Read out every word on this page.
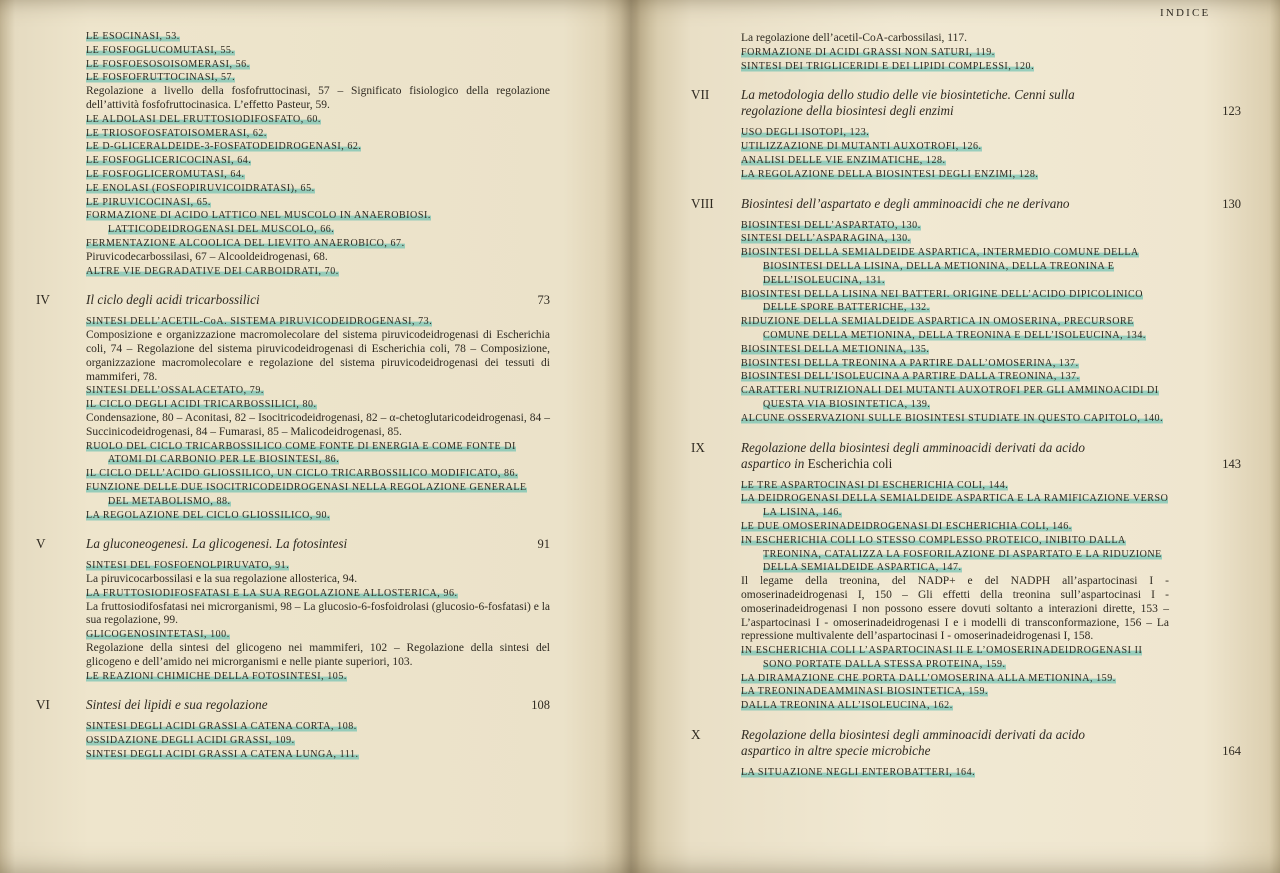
LE ESOCINASI, 53.
LE FOSFOGLUCOMUTASI, 55.
LE FOSFOESOSOISOMERASI, 56.
LE FOSFOFRUTTOCINASI, 57.
Regolazione a livello della fosfofruttocinasi, 57 – Significato fisiologico della regolazione dell’attività fosfofruttocinasica. L’effetto Pasteur, 59.
LE ALDOLASI DEL FRUTTOSIODIFOSFATO, 60.
LE TRIOSOFOSFATOISOMERASI, 62.
LE D-GLICERALDEIDE-3-FOSFATODEIDROGENASI, 62.
LE FOSFOGLICERICOCINASI, 64.
LE FOSFOGLICEROMUTASI, 64.
LE ENOLASI (FOSFOPIRUVICOIDRATASI), 65.
LE PIRUVICOCINASI, 65.
FORMAZIONE DI ACIDO LATTICO NEL MUSCOLO IN ANAEROBIOSI. LATTICODEIDROGENASI DEL MUSCOLO, 66.
FERMENTAZIONE ALCOOLICA DEL LIEVITO ANAEROBICO, 67.
Piruvicodecarbossilasi, 67 – Alcooldeidrogenasi, 68.
ALTRE VIE DEGRADATIVE DEI CARBOIDRATI, 70.
IV	Il ciclo degli acidi tricarbossilici	73
SINTESI DELL’ACETIL-CoA. SISTEMA PIRUVICODEIDROGENASI, 73.
Composizione e organizzazione macromolecolare del sistema piruvicodeidrogenasi di Escherichia coli, 74 – Regolazione del sistema piruvicodeidrogenasi di Escherichia coli, 78 – Composizione, organizzazione macromolecolare e regolazione del sistema piruvicodeidrogenasi dei tessuti di mammiferi, 78.
SINTESI DELL’OSSALACETATO, 79.
IL CICLO DEGLI ACIDI TRICARBOSSILICI, 80.
Condensazione, 80 – Aconitasi, 82 – Isocitricodeidrogenasi, 82 – α-chetoglutaricodeidrogenasi, 84 – Succinicodeidrogenasi, 84 – Fumarasi, 85 – Malicodeidrogenasi, 85.
RUOLO DEL CICLO TRICARBOSSILICO COME FONTE DI ENERGIA E COME FONTE DI ATOMI DI CARBONIO PER LE BIOSINTESI, 86.
IL CICLO DELL’ACIDO GLIOSSILICO, UN CICLO TRICARBOSSILICO MODIFICATO, 86.
FUNZIONE DELLE DUE ISOCITRICODEIDROGENASI NELLA REGOLAZIONE GENERALE DEL METABOLISMO, 88.
LA REGOLAZIONE DEL CICLO GLIOSSILICO, 90.
V	La gluconeogenesi. La glicogenesi. La fotosintesi	91
SINTESI DEL FOSFOENOLPIRUVATO, 91.
La piruvicocarbossilasi e la sua regolazione allosterica, 94.
LA FRUTTOSIODIFOSFATASI E LA SUA REGOLAZIONE ALLOSTERICA, 96.
La fruttosiodifosfatasi nei microrganismi, 98 – La glucosio-6-fosfoidrolasi (glucosio-6-fosfatasi) e la sua regolazione, 99.
GLICOGENOSINTETASI, 100.
Regolazione della sintesi del glicogeno nei mammiferi, 102 – Regolazione della sintesi del glicogeno e dell’amido nei microrganismi e nelle piante superiori, 103.
LE REAZIONI CHIMICHE DELLA FOTOSINTESI, 105.
VI	Sintesi dei lipidi e sua regolazione	108
SINTESI DEGLI ACIDI GRASSI A CATENA CORTA, 108.
OSSIDAZIONE DEGLI ACIDI GRASSI, 109.
SINTESI DEGLI ACIDI GRASSI A CATENA LUNGA, 111.
INDICE
La regolazione dell’acetil-CoA-carbossilasi, 117.
FORMAZIONE DI ACIDI GRASSI NON SATURI, 119.
SINTESI DEI TRIGLICERIDI E DEI LIPIDI COMPLESSI, 120.
VII La metodologia dello studio delle vie biosintetiche. Cenni sulla regolazione della biosintesi degli enzimi	123
USO DEGLI ISOTOPI, 123.
UTILIZZAZIONE DI MUTANTI AUXOTROFI, 126.
ANALISI DELLE VIE ENZIMATICHE, 128.
LA REGOLAZIONE DELLA BIOSINTESI DEGLI ENZIMI, 128.
VIII Biosintesi dell’aspartato e degli amminoacidi che ne derivano	130
BIOSINTESI DELL’ASPARTATO, 130.
SINTESI DELL’ASPARAGINA, 130.
BIOSINTESI DELLA SEMIALDEIDE ASPARTICA, INTERMEDIO COMUNE DELLA BIOSINTESI DELLA LISINA, DELLA METIONINA, DELLA TREONINA E DELL’ISOLEUCINA, 131.
BIOSINTESI DELLA LISINA NEI BATTERI. ORIGINE DELL’ACIDO DIPICOLINICO DELLE SPORE BATTERICHE, 132.
RIDUZIONE DELLA SEMIALDEIDE ASPARTICA IN OMOSERINA, PRECURSORE COMUNE DELLA METIONINA, DELLA TREONINA E DELL’ISOLEUCINA, 134.
BIOSINTESI DELLA METIONINA, 135.
BIOSINTESI DELLA TREONINA A PARTIRE DALL’OMOSERINA, 137.
BIOSINTESI DELL’ISOLEUCINA A PARTIRE DALLA TREONINA, 137.
CARATTERI NUTRIZIONALI DEI MUTANTI AUXOTROFI PER GLI AMMINOACIDI DI QUESTA VIA BIOSINTETICA, 139.
ALCUNE OSSERVAZIONI SULLE BIOSINTESI STUDIATE IN QUESTO CAPITOLO, 140.
IX	Regolazione della biosintesi degli amminoacidi derivati da acido aspartico in Escherichia coli	143
LE TRE ASPARTOCINASI DI ESCHERICHIA COLI, 144.
LA DEIDROGENASI DELLA SEMIALDEIDE ASPARTICA E LA RAMIFICAZIONE VERSO LA LISINA, 146.
LE DUE OMOSERINADEIDROGENASI DI ESCHERICHIA COLI, 146.
IN ESCHERICHIA COLI LO STESSO COMPLESSO PROTEICO, INIBITO DALLA TREONINA, CATALIZZA LA FOSFORILAZIONE DI ASPARTATO E LA RIDUZIONE DELLA SEMIALDEIDE ASPARTICA, 147.
Il legame della treonina, del NADP+ e del NADPH all’aspartocinasi I - omoserinadeidrogenasi I, 150 – Gli effetti della treonina sull’aspartocinasi I - omoserinadeidrogenasi I non possono essere dovuti soltanto a interazioni dirette, 153 – L’aspartocinasi I - omoserinadeidrogenasi I e i modelli di transconformazione, 156 – La repressione multivalente dell’aspartocinasi I - omoserinadeidrogenasi I, 158.
IN ESCHERICHIA COLI L’ASPARTOCINASI II E L’OMOSERINADEIDROGENASI II SONO PORTATE DALLA STESSA PROTEINA, 159.
LA DIRAMAZIONE CHE PORTA DALL’OMOSERINA ALLA METIONINA, 159.
LA TREONINADEAMMINASI BIOSINTETICA, 159.
DALLA TREONINA ALL’ISOLEUCINA, 162.
X	Regolazione della biosintesi degli amminoacidi derivati da acido aspartico in altre specie microbiche	164
LA SITUAZIONE NEGLI ENTEROBATTERI, 164.
